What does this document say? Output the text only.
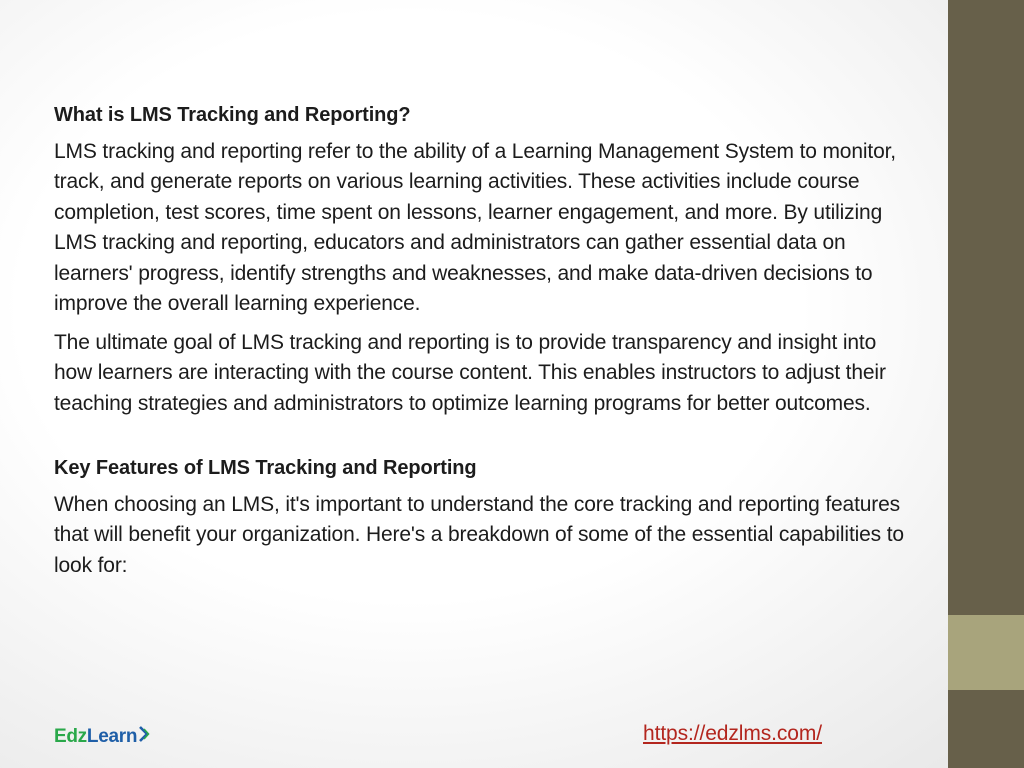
What is LMS Tracking and Reporting?

LMS tracking and reporting refer to the ability of a Learning Management System to monitor, track, and generate reports on various learning activities. These activities include course completion, test scores, time spent on lessons, learner engagement, and more. By utilizing LMS tracking and reporting, educators and administrators can gather essential data on learners' progress, identify strengths and weaknesses, and make data-driven decisions to improve the overall learning experience.

The ultimate goal of LMS tracking and reporting is to provide transparency and insight into how learners are interacting with the course content. This enables instructors to adjust their teaching strategies and administrators to optimize learning programs for better outcomes.

Key Features of LMS Tracking and Reporting

When choosing an LMS, it's important to understand the core tracking and reporting features that will benefit your organization. Here's a breakdown of some of the essential capabilities to look for:

EdzLearn	https://edzlms.com/
